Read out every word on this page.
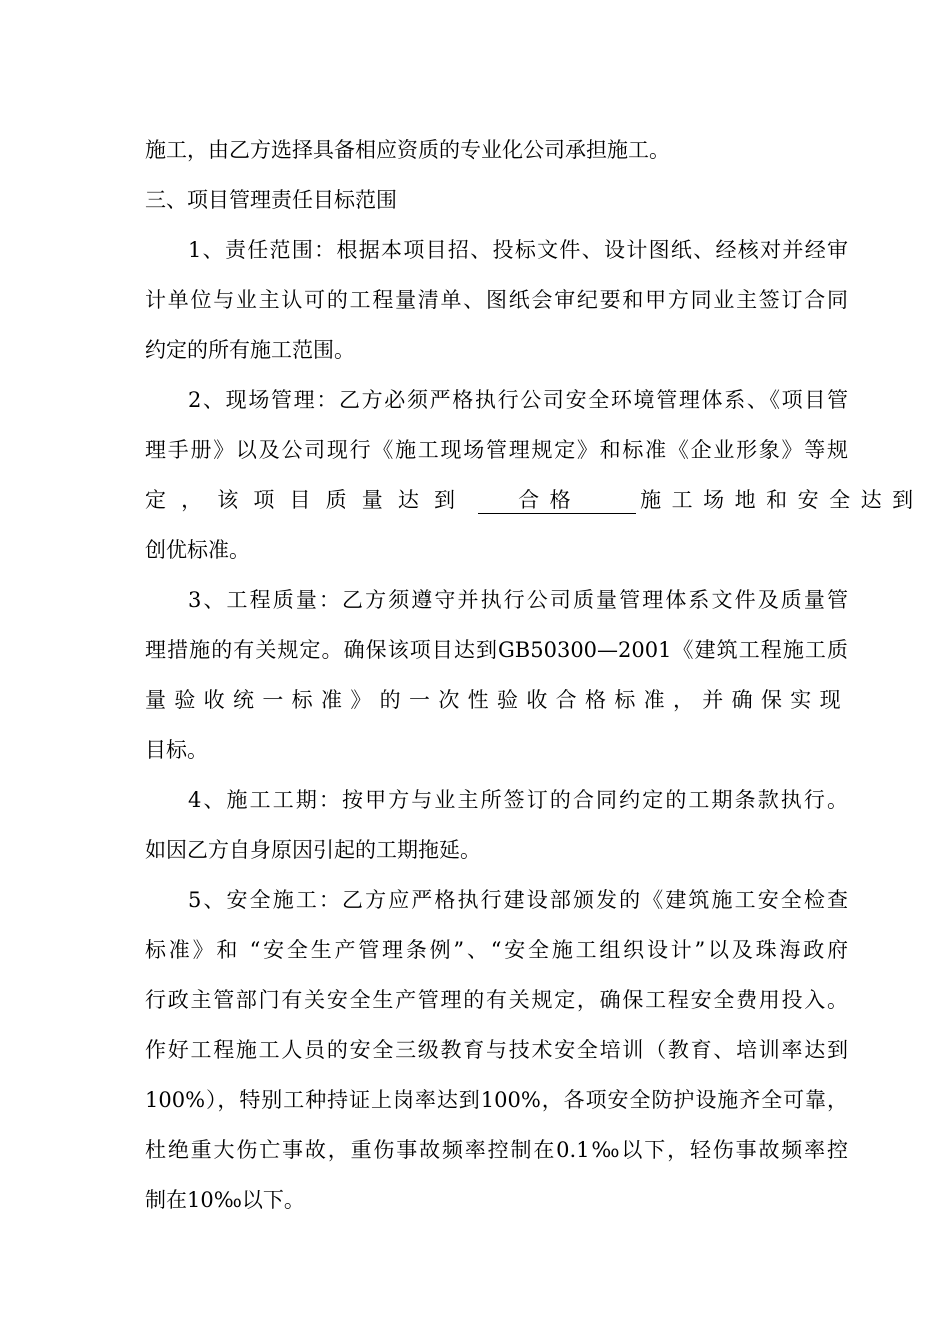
施工，由乙方选择具备相应资质的专业化公司承担施工。
三、项目管理责任目标范围
1、责任范围：根据本项目招、投标文件、设计图纸、经核对并经审
计单位与业主认可的工程量清单、图纸会审纪要和甲方同业主签订合同
约定的所有施工范围。
2、现场管理：乙方必须严格执行公司安全环境管理体系、《项目管
理手册》以及公司现行《施工现场管理规定》和标准《企业形象》等规
定，该项目质量达到	合格	施工场地和安全达到
创优标准。
3、工程质量：乙方须遵守并执行公司质量管理体系文件及质量管
理措施的有关规定。确保该项目达到GB50300—2001《建筑工程施工质
量验收统一标准》的一次性验收合格标准，并确保实现
目标。
4、施工工期：按甲方与业主所签订的合同约定的工期条款执行。
如因乙方自身原因引起的工期拖延。
5、安全施工：乙方应严格执行建设部颁发的《建筑施工安全检查
标准》和 “安全生产管理条例”、“安全施工组织设计”以及珠海政府
行政主管部门有关安全生产管理的有关规定，确保工程安全费用投入。
作好工程施工人员的安全三级教育与技术安全培训（教育、培训率达到
100%），特别工种持证上岗率达到100%，各项安全防护设施齐全可靠，
杜绝重大伤亡事故，重伤事故频率控制在0.1‰以下，轻伤事故频率控
制在10‰以下。
